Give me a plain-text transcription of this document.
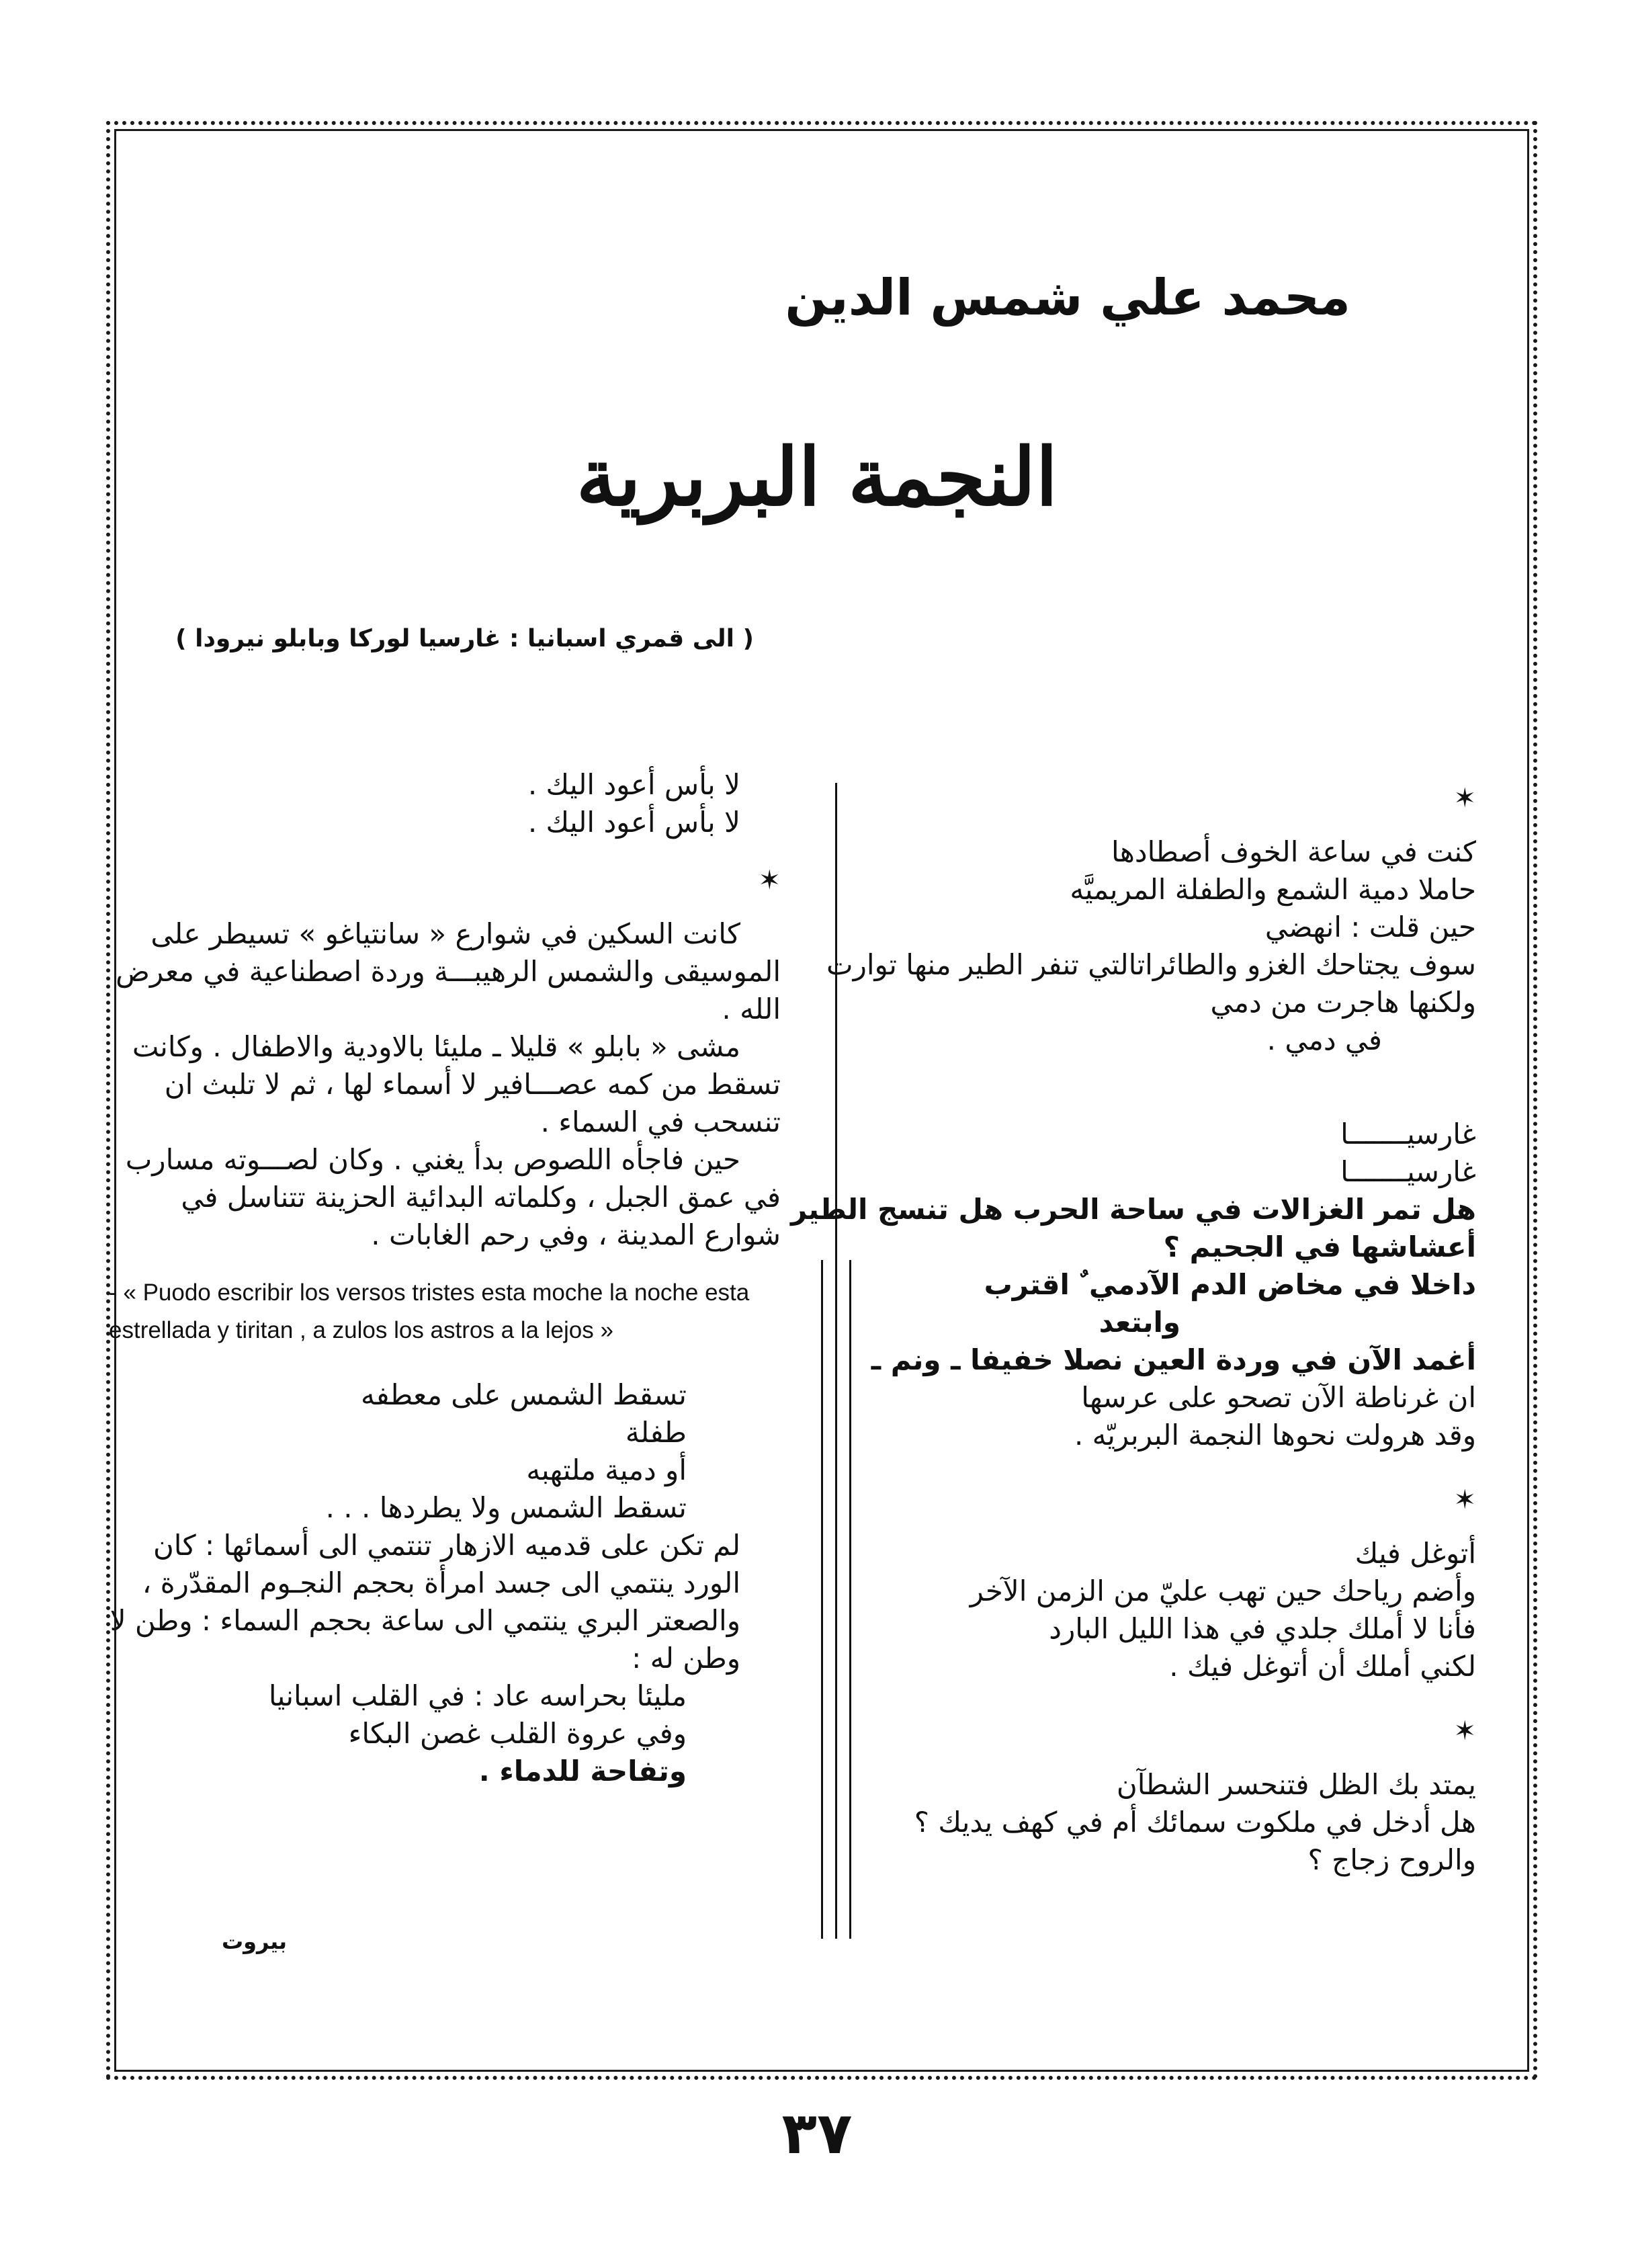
محمد علي شمس الدين
النجمة البربرية
( الى قمري اسبانيا : غارسيا لوركا وبابلو نيرودا )
✶

كنت في ساعة الخوف أصطادها

حاملا دمية الشمع والطفلة المريميَّه

حين قلت : انهضي

سوف يجتاحك الغزو والطائراتالتي تنفر الطير منها توارت

ولكنها هاجرت من دمي

في دمي .

غارسيـــــــا

غارسيـــــــا

هل تمر الغزالات في ساحة الحرب هل تنسج الطير أعشاشها في الجحيم ؟

داخلا في مخاض الدم الآدمي ٌ اقترب

وابتعد

أغمد الآن في وردة العين نصلا خفيفا ـ ونم ـ

ان غرناطة الآن تصحو على عرسها

وقد هرولت نحوها النجمة البربريّه .

✶

أتوغل فيك

وأضم رياحك حين تهب عليّ من الزمن الآخر

فأنا لا أملك جلدي في هذا الليل البارد

لكني أملك أن أتوغل فيك .

✶

يمتد بك الظل فتنحسر الشطآن

هل أدخل في ملكوت سمائك أم في كهف يديك ؟

والروح زجاج ؟

لا بأس أعود اليك .

لا بأس أعود اليك .

✶

كانت السكين في شوارع « سانتياغو » تسيطر على الموسيقى والشمس الرهيبـــة وردة اصطناعية في معرض الله .

مشى « بابلو » قليلا ـ مليئا بالاودية والاطفال . وكانت تسقط من كمه عصـــافير لا أسماء لها ، ثم لا تلبث ان تنسحب في السماء .

حين فاجأه اللصوص بدأ يغني . وكان لصـــوته مسارب في عمق الجبل ، وكلماته البدائية الحزينة تتناسل في شوارع المدينة ، وفي رحم الغابات .

- « Puodo escribir los versos tristes esta moche la noche esta estrellada y tiritan , a zulos los astros a la lejos »

تسقط الشمس على معطفه

طفلة

أو دمية ملتهبه

تسقط الشمس ولا يطردها . . .

لم تكن على قدميه الازهار تنتمي الى أسمائها : كان الورد ينتمي الى جسد امرأة بحجم النجـوم المقدّرة ، والصعتر البري ينتمي الى ساعة بحجم السماء : وطن لا وطن له :

مليئا بحراسه عاد : في القلب اسبانيا

وفي عروة القلب غصن البكاء

وتفاحة للدماء .

بيروت
٣٧
